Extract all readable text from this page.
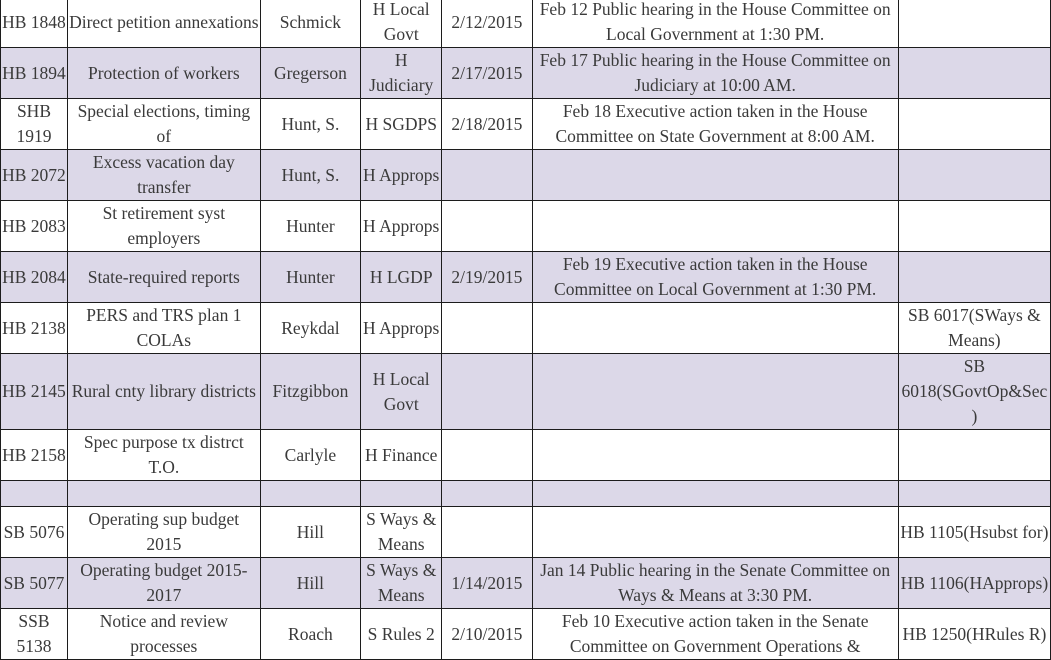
HB 1848	Direct petition annexations	Schmick	H Local Govt	2/12/2015	Feb 12 Public hearing in the House Committee on Local Government at 1:30 PM.	
HB 1894	Protection of workers	Gregerson	H Judiciary	2/17/2015	Feb 17 Public hearing in the House Committee on Judiciary at 10:00 AM.	
SHB 1919	Special elections, timing of	Hunt, S.	H SGDPS	2/18/2015	Feb 18 Executive action taken in the House Committee on State Government at 8:00 AM.	
HB 2072	Excess vacation day transfer	Hunt, S.	H Approps			
HB 2083	St retirement syst employers	Hunter	H Approps			
HB 2084	State-required reports	Hunter	H LGDP	2/19/2015	Feb 19 Executive action taken in the House Committee on Local Government at 1:30 PM.	
HB 2138	PERS and TRS plan 1 COLAs	Reykdal	H Approps			SB 6017(SWays & Means)
HB 2145	Rural cnty library districts	Fitzgibbon	H Local Govt			SB 6018(SGovtOp&Sec)
HB 2158	Spec purpose tx distrct T.O.	Carlyle	H Finance			

SB 5076	Operating sup budget 2015	Hill	S Ways & Means			HB 1105(Hsubst for)
SB 5077	Operating budget 2015-2017	Hill	S Ways & Means	1/14/2015	Jan 14 Public hearing in the Senate Committee on Ways & Means at 3:30 PM.	HB 1106(HApprops)
SSB 5138	Notice and review processes	Roach	S Rules 2	2/10/2015	Feb 10 Executive action taken in the Senate Committee on Government Operations &	HB 1250(HRules R)
